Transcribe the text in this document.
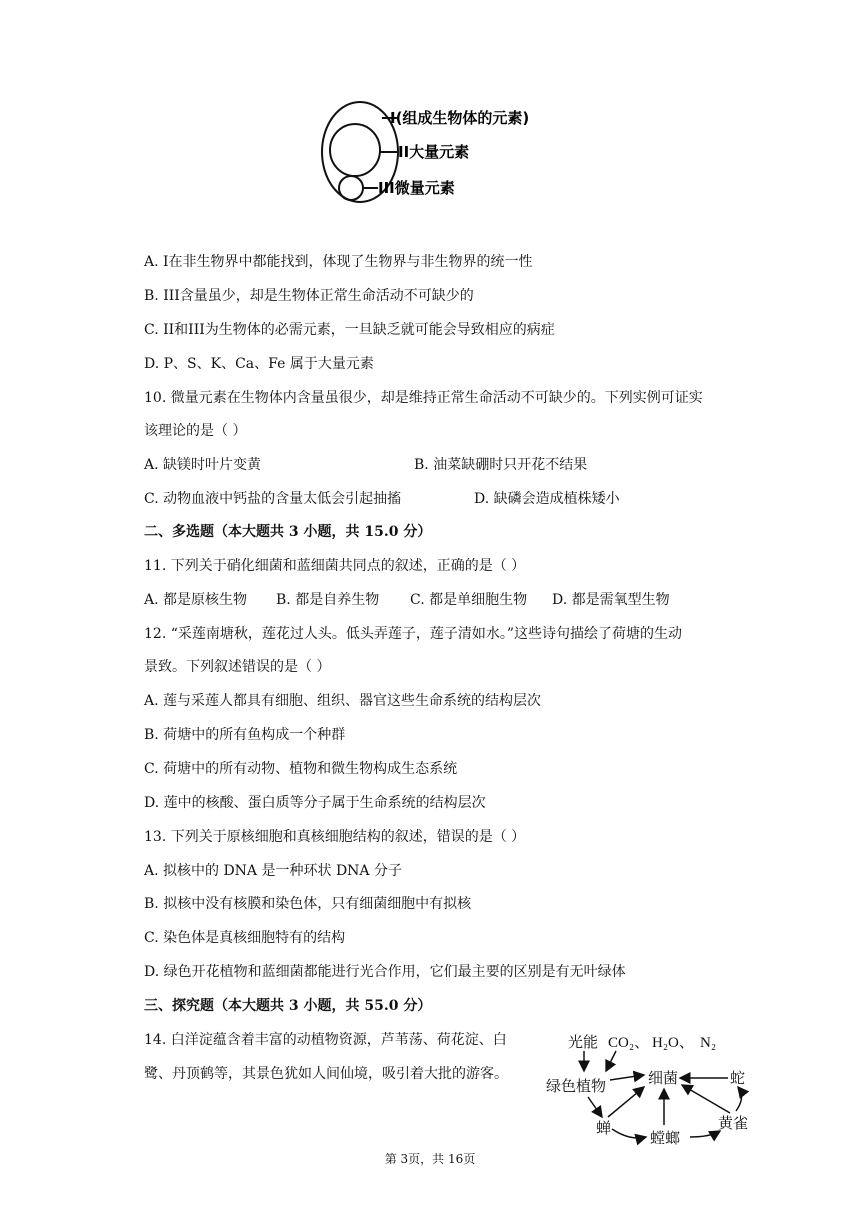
I(组成生物体的元素)
II大量元素
III微量元素
A. I在非生物界中都能找到，体现了生物界与非生物界的统一性
B. III含量虽少，却是生物体正常生命活动不可缺少的
C. II和III为生物体的必需元素，一旦缺乏就可能会导致相应的病症
D. P、S、K、Ca、Fe 属于大量元素
10. 微量元素在生物体内含量虽很少，却是维持正常生命活动不可缺少的。下列实例可证实
该理论的是（ ）
A. 缺镁时叶片变黄	B. 油菜缺硼时只开花不结果
C. 动物血液中钙盐的含量太低会引起抽搐	D. 缺磷会造成植株矮小
二、多选题（本大题共 3 小题，共 15.0 分）
11. 下列关于硝化细菌和蓝细菌共同点的叙述，正确的是（ ）
A. 都是原核生物 B. 都是自养生物 C. 都是单细胞生物 D. 都是需氧型生物
12. “采莲南塘秋，莲花过人头。低头弄莲子，莲子清如水。”这些诗句描绘了荷塘的生动
景致。下列叙述错误的是（ ）
A. 莲与采莲人都具有细胞、组织、器官这些生命系统的结构层次
B. 荷塘中的所有鱼构成一个种群
C. 荷塘中的所有动物、植物和微生物构成生态系统
D. 莲中的核酸、蛋白质等分子属于生命系统的结构层次
13. 下列关于原核细胞和真核细胞结构的叙述，错误的是（ ）
A. 拟核中的 DNA 是一种环状 DNA 分子
B. 拟核中没有核膜和染色体，只有细菌细胞中有拟核
C. 染色体是真核细胞特有的结构
D. 绿色开花植物和蓝细菌都能进行光合作用，它们最主要的区别是有无叶绿体
三、探究题（本大题共 3 小题，共 55.0 分）
14. 白洋淀蕴含着丰富的动植物资源，芦苇荡、荷花淀、白
鹭、丹顶鹤等，其景色犹如人间仙境，吸引着大批的游客。
光能 CO₂、 H₂O、 N₂
绿色植物	细菌	蛇
蝉
螳螂
黄雀
第 3页，共 16页
